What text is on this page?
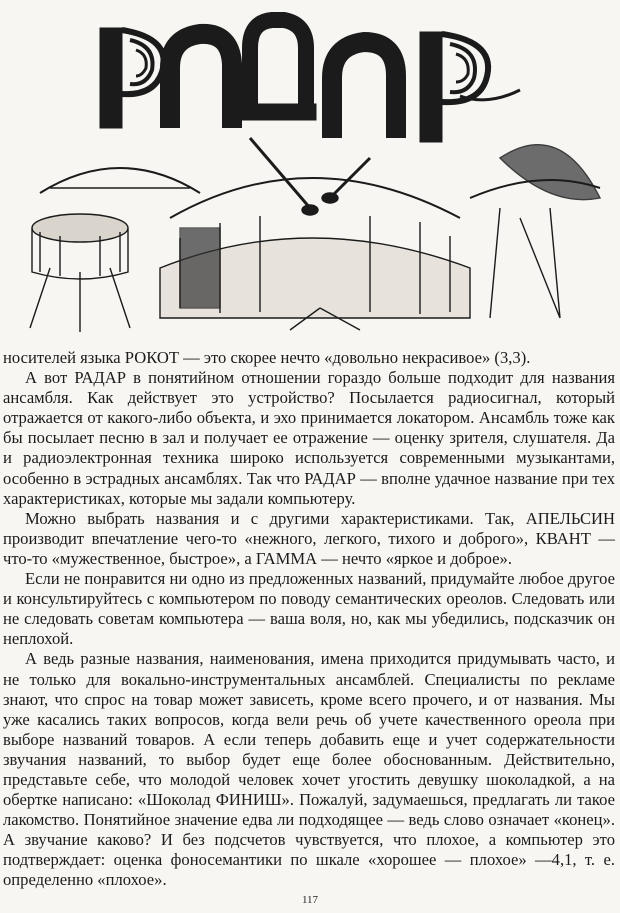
носителей языка РОКОТ — это скорее нечто «довольно некрасивое» (3,3).

А вот РАДАР в понятийном отношении гораздо больше подходит для названия ансамбля. Как действует это устройство? Посылается радиосигнал, который отражается от какого-либо объекта, и эхо принимается локатором. Ансамбль тоже как бы посылает песню в зал и получает ее отражение — оценку зрителя, слушателя. Да и радиоэлектронная техника широко используется современными музыкантами, особенно в эстрадных ансамблях. Так что РАДАР — вполне удачное название при тех характеристиках, которые мы задали компьютеру.

Можно выбрать названия и с другими характеристиками. Так, АПЕЛЬСИН производит впечатление чего-то «нежного, легкого, тихого и доброго», КВАНТ — что-то «мужественное, быстрое», а ГАММА — нечто «яркое и доброе».

Если не понравится ни одно из предложенных названий, придумайте любое другое и консультируйтесь с компьютером по поводу семантических ореолов. Следовать или не следовать советам компьютера — ваша воля, но, как мы убедились, подсказчик он неплохой.

А ведь разные названия, наименования, имена приходится придумывать часто, и не только для вокально-инструментальных ансамблей. Специалисты по рекламе знают, что спрос на товар может зависеть, кроме всего прочего, и от названия. Мы уже касались таких вопросов, когда вели речь об учете качественного ореола при выборе названий товаров. А если теперь добавить еще и учет содержательности звучания названий, то выбор будет еще более обоснованным. Действительно, представьте себе, что молодой человек хочет угостить девушку шоколадкой, а на обертке написано: «Шоколад ФИНИШ». Пожалуй, задумаешься, предлагать ли такое лакомство. Понятийное значение едва ли подходящее — ведь слово означает «конец». А звучание каково? И без подсчетов чувствуется, что плохое, а компьютер это подтверждает: оценка фоносемантики по шкале «хорошее — плохое» —4,1, т. е. определенно «плохое».

117
